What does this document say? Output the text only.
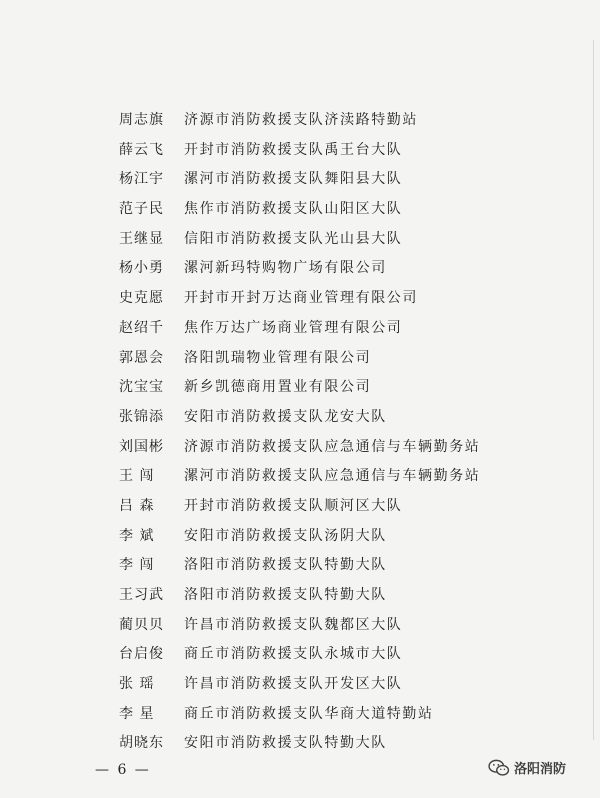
周志旗	济源市消防救援支队济渎路特勤站
薛云飞	开封市消防救援支队禹王台大队
杨江宇	漯河市消防救援支队舞阳县大队
范子民	焦作市消防救援支队山阳区大队
王继显	信阳市消防救援支队光山县大队
杨小勇	漯河新玛特购物广场有限公司
史克愿	开封市开封万达商业管理有限公司
赵绍千	焦作万达广场商业管理有限公司
郭恩会	洛阳凯瑞物业管理有限公司
沈宝宝	新乡凯德商用置业有限公司
张锦添	安阳市消防救援支队龙安大队
刘国彬	济源市消防救援支队应急通信与车辆勤务站
王 闯	漯河市消防救援支队应急通信与车辆勤务站
吕 森	开封市消防救援支队顺河区大队
李 斌	安阳市消防救援支队汤阴大队
李 闯	洛阳市消防救援支队特勤大队
王习武	洛阳市消防救援支队特勤大队
蔺贝贝	许昌市消防救援支队魏都区大队
台启俊	商丘市消防救援支队永城市大队
张 瑶	许昌市消防救援支队开发区大队
李 星	商丘市消防救援支队华商大道特勤站
胡晓东	安阳市消防救援支队特勤大队
— 6 —	洛阳消防
